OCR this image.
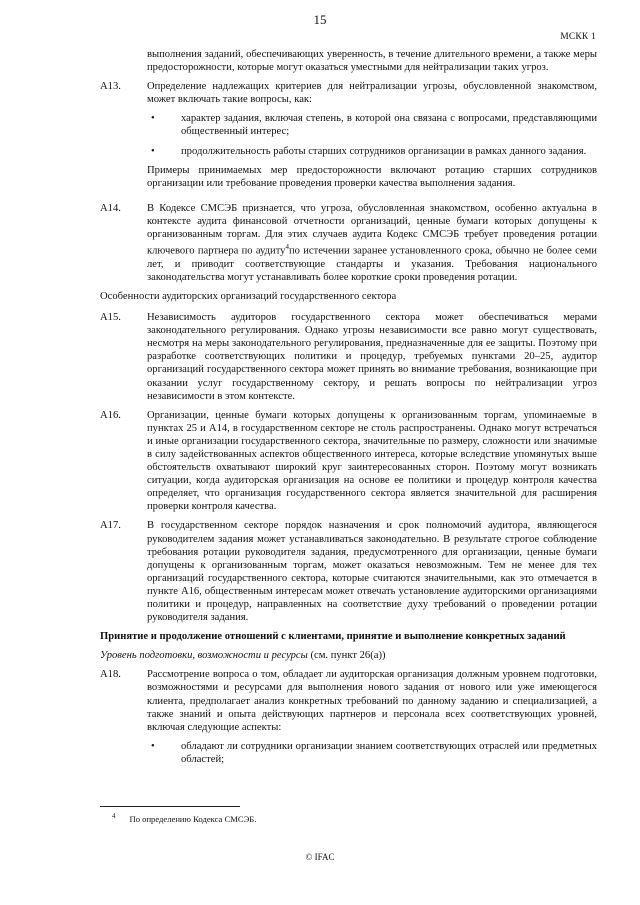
15
МСКК 1
выполнения заданий, обеспечивающих уверенность, в течение длительного времени, а также меры предосторожности, которые могут оказаться уместными для нейтрализации таких угроз.
А13.	Определение надлежащих критериев для нейтрализации угрозы, обусловленной знакомством, может включать такие вопросы, как:
•	характер задания, включая степень, в которой она связана с вопросами, представляющими общественный интерес;
•	продолжительность работы старших сотрудников организации в рамках данного задания.
Примеры принимаемых мер предосторожности включают ротацию старших сотрудников организации или требование проведения проверки качества выполнения задания.
А14.	В Кодексе СМСЭБ признается, что угроза, обусловленная знакомством, особенно актуальна в контексте аудита финансовой отчетности организаций, ценные бумаги которых допущены к организованным торгам. Для этих случаев аудита Кодекс СМСЭБ требует проведения ротации ключевого партнера по аудиту$^4$по истечении заранее установленного срока, обычно не более семи лет, и приводит соответствующие стандарты и указания. Требования национального законодательства могут устанавливать более короткие сроки проведения ротации.
Особенности аудиторских организаций государственного сектора
А15.	Независимость аудиторов государственного сектора может обеспечиваться мерами законодательного регулирования. Однако угрозы независимости все равно могут существовать, несмотря на меры законодательного регулирования, предназначенные для ее защиты. Поэтому при разработке соответствующих политики и процедур, требуемых пунктами 20–25, аудитор организаций государственного сектора может принять во внимание требования, возникающие при оказании услуг государственному сектору, и решать вопросы по нейтрализации угроз независимости в этом контексте.
А16.	Организации, ценные бумаги которых допущены к организованным торгам, упоминаемые в пунктах 25 и А14, в государственном секторе не столь распространены. Однако могут встречаться и иные организации государственного сектора, значительные по размеру, сложности или значимые в силу задействованных аспектов общественного интереса, которые вследствие упомянутых выше обстоятельств охватывают широкий круг заинтересованных сторон. Поэтому могут возникать ситуации, когда аудиторская организация на основе ее политики и процедур контроля качества определяет, что организация государственного сектора является значительной для расширения проверки контроля качества.
А17.	В государственном секторе порядок назначения и срок полномочий аудитора, являющегося руководителем задания может устанавливаться законодательно. В результате строгое соблюдение требования ротации руководителя задания, предусмотренного для организации, ценные бумаги допущены к организованным торгам, может оказаться невозможным. Тем не менее для тех организаций государственного сектора, которые считаются значительными, как это отмечается в пункте А16, общественным интересам может отвечать установление аудиторскими организациями политики и процедур, направленных на соответствие духу требований о проведении ротации руководителя задания.
Принятие и продолжение отношений с клиентами, принятие и выполнение конкретных заданий
Уровень подготовки, возможности и ресурсы (см. пункт 26(а))
А18.	Рассмотрение вопроса о том, обладает ли аудиторская организация должным уровнем подготовки, возможностями и ресурсами для выполнения нового задания от нового или уже имеющегося клиента, предполагает анализ конкретных требований по данному заданию и специализацией, а также знаний и опыта действующих партнеров и персонала всех соответствующих уровней, включая следующие аспекты:
•	обладают ли сотрудники организации знанием соответствующих отраслей или предметных областей;
$^4$ По определению Кодекса СМСЭБ.
© IFAC
